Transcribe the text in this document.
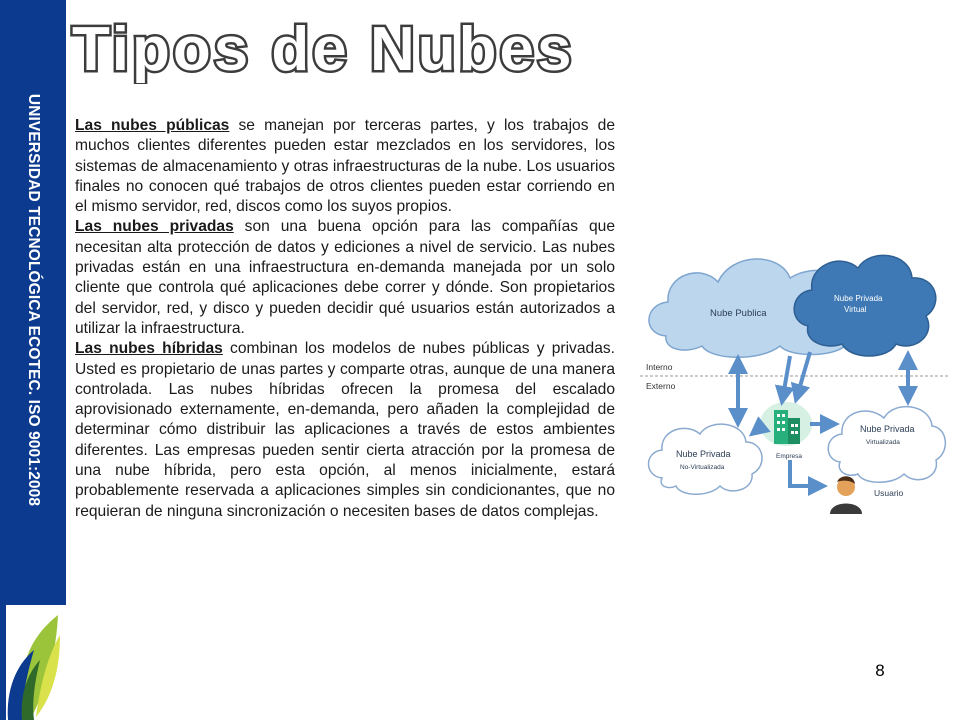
UNIVERSIDAD TECNOLÓGICA ECOTEC. ISO 9001:2008
Tipos de Nubes

Las nubes públicas se manejan por terceras partes, y los trabajos de muchos clientes diferentes pueden estar mezclados en los servidores, los sistemas de almacenamiento y otras infraestructuras de la nube. Los usuarios finales no conocen qué trabajos de otros clientes pueden estar corriendo en el mismo servidor, red, discos como los suyos propios.

Las nubes privadas son una buena opción para las compañías que necesitan alta protección de datos y ediciones a nivel de servicio. Las nubes privadas están en una infraestructura en-demanda manejada por un solo cliente que controla qué aplicaciones debe correr y dónde. Son propietarios del servidor, red, y disco y pueden decidir qué usuarios están autorizados a utilizar la infraestructura.

Las nubes híbridas combinan los modelos de nubes públicas y privadas. Usted es propietario de unas partes y comparte otras, aunque de una manera controlada. Las nubes híbridas ofrecen la promesa del escalado aprovisionado externamente, en-demanda, pero añaden la complejidad de determinar cómo distribuir las aplicaciones a través de estos ambientes diferentes. Las empresas pueden sentir cierta atracción por la promesa de una nube híbrida, pero esta opción, al menos inicialmente, estará probablemente reservada a aplicaciones simples sin condicionantes, que no requieran de ninguna sincronización o necesiten bases de datos complejas.

Nube Publica
Nube Privada
Virtual
Interno
Externo
Nube Privada
No-Virtualizada
Nube Privada
Virtualizada
Empresa
Usuario
8
